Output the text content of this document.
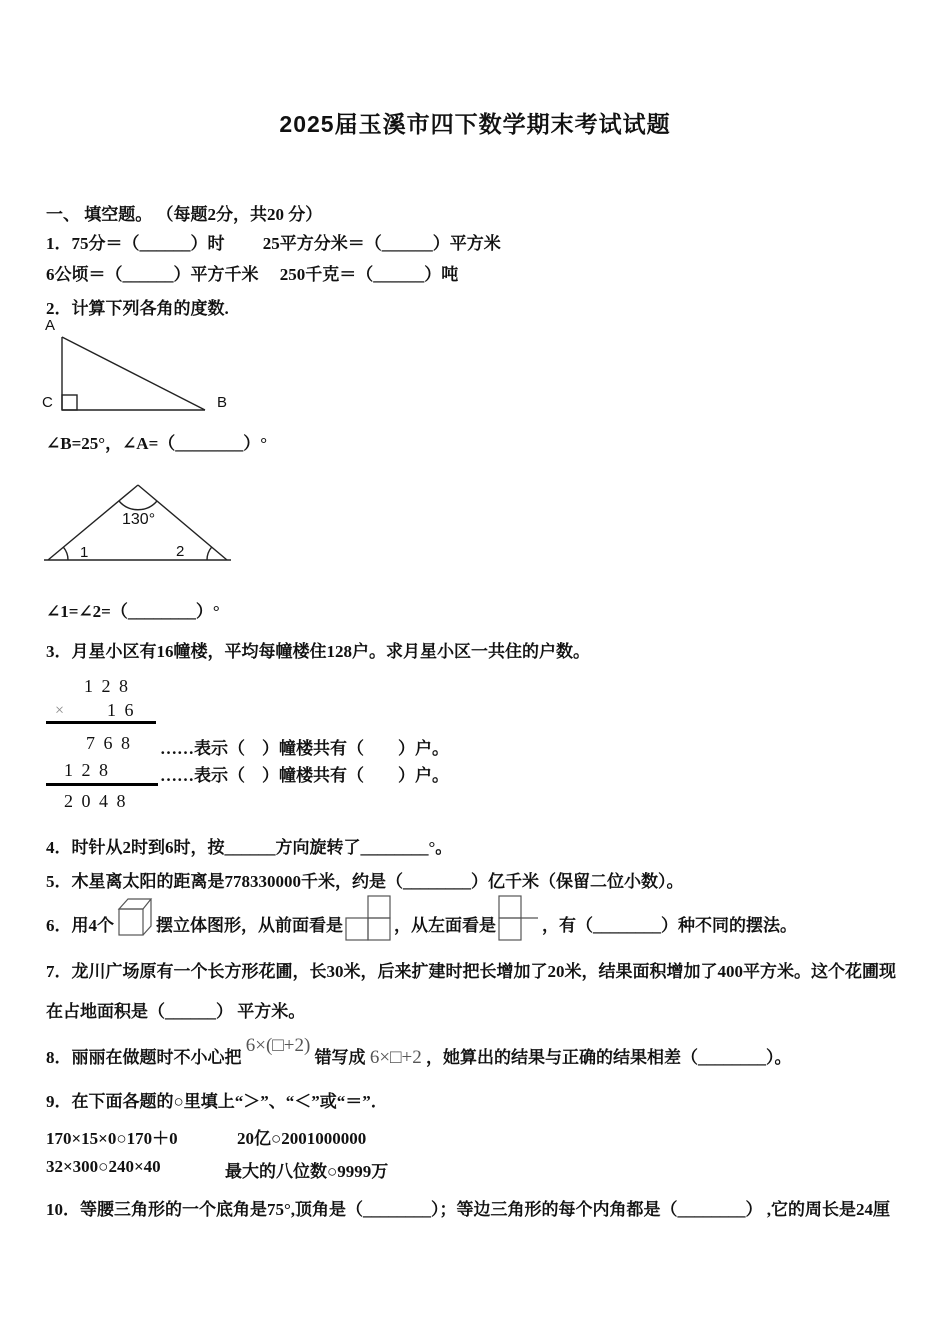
2025届玉溪市四下数学期末考试试题
一、 填空题。 （每题2分，共20 分）
1．75分＝（______）时　　 25平方分米＝（______）平方米
6公顷＝（______）平方千米　 250千克＝（______）吨
2．计算下列各角的度数.
A
C	B
∠B=25°，∠A=（________）°
130°
1	2
∠1=∠2=（________）°
3．月星小区有16幢楼，平均每幢楼住128户。求月星小区一共住的户数。
1 2 8
× 1 6
7 6 8 ……表示（　）幢楼共有（　　）户。
1 2 8	……表示（　）幢楼共有（　　）户。
2 0 4 8
4．时针从2时到6时，按______方向旋转了________°。
5．木星离太阳的距离是778330000千米，约是（________）亿千米（保留二位小数）。
6．用4个 摆立体图形，从前面看是	，从左面看是	，有（________）种不同的摆法。
7．龙川广场原有一个长方形花圃，长30米，后来扩建时把长增加了20米，结果面积增加了400平方米。这个花圃现
在占地面积是（______） 平方米。
8．丽丽在做题时不小心把 6×(□+2) 错写成 6×□+2 ，她算出的结果与正确的结果相差（________）。
9．在下面各题的○里填上“＞”、“＜”或“＝”．
170×15×0○170＋0	20亿○2001000000
32×300○240×40	最大的八位数○9999万
10．等腰三角形的一个底角是75°,顶角是（________）；等边三角形的每个内角都是（________） ,它的周长是24厘
